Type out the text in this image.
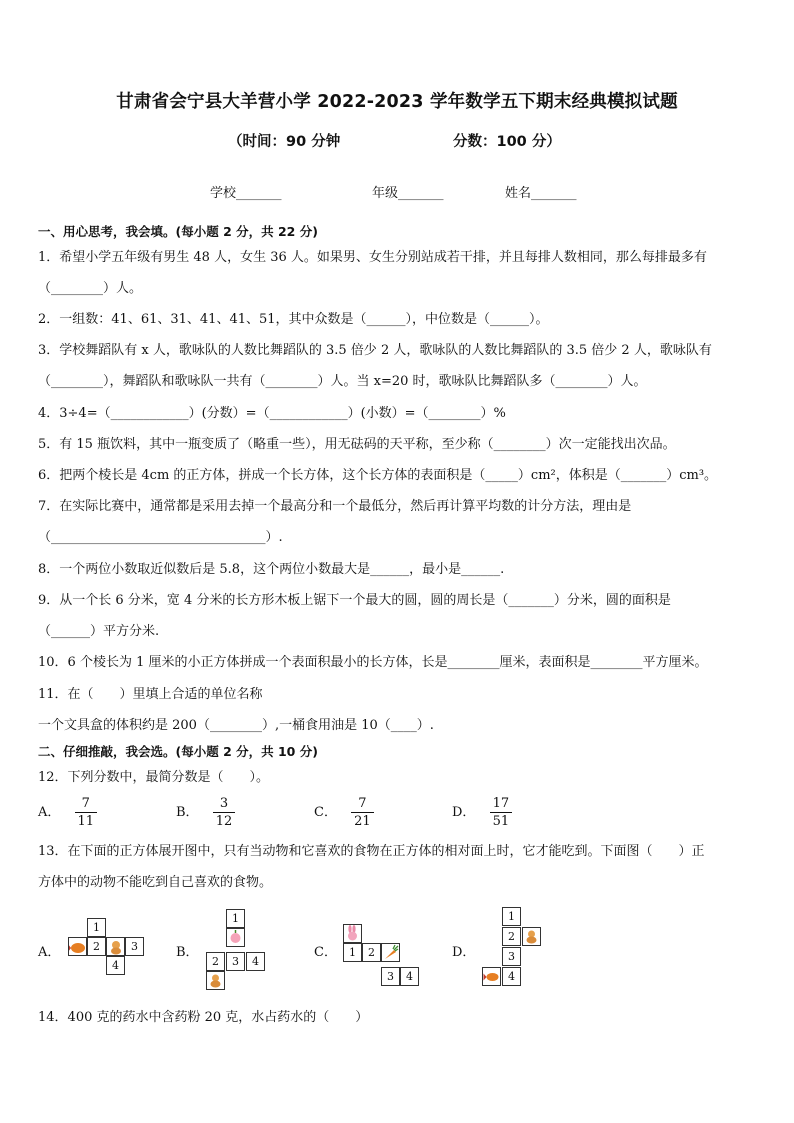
甘肃省会宁县大羊营小学 2022-2023 学年数学五下期末经典模拟试题
（时间：90 分钟	分数：100 分）
学校_______	年级_______	姓名_______
一、用心思考，我会填。(每小题 2 分，共 22 分)
1．希望小学五年级有男生 48 人，女生 36 人。如果男、女生分别站成若干排，并且每排人数相同，那么每排最多有
（________）人。
2．一组数：41、61、31、41、41、51，其中众数是（______），中位数是（______）。
3．学校舞蹈队有 x 人，歌咏队的人数比舞蹈队的 3.5 倍少 2 人，歌咏队的人数比舞蹈队的 3.5 倍少 2 人，歌咏队有
（________），舞蹈队和歌咏队一共有（________）人。当 x=20 时，歌咏队比舞蹈队多（________）人。
4．3÷4=（____________）(分数）=（____________）(小数）=（________）%
5．有 15 瓶饮料，其中一瓶变质了（略重一些），用无砝码的天平称，至少称（________）次一定能找出次品。
6．把两个棱长是 4cm 的正方体，拼成一个长方体，这个长方体的表面积是（_____）cm²，体积是（_______）cm³。
7．在实际比赛中，通常都是采用去掉一个最高分和一个最低分，然后再计算平均数的计分方法，理由是
（_________________________________）.
8．一个两位小数取近似数后是 5.8，这个两位小数最大是______，最小是______.
9．从一个长 6 分米，宽 4 分米的长方形木板上锯下一个最大的圆，圆的周长是（_______）分米，圆的面积是
（______）平方分米.
10．6 个棱长为 1 厘米的小正方体拼成一个表面积最小的长方体，长是________厘米，表面积是________平方厘米。
11．在（　　）里填上合适的单位名称
一个文具盒的体积约是 200（________）,一桶食用油是 10（____）.
二、仔细推敲，我会选。(每小题 2 分，共 10 分)
12．下列分数中，最简分数是（　　）。
A． $\frac{7}{11}$	B． $\frac{3}{12}$	C． $\frac{7}{21}$	D． $\frac{17}{51}$
13．在下面的正方体展开图中，只有当动物和它喜欢的食物在正方体的相对面上时，它才能吃到。下面图（　　）正
方体中的动物不能吃到自己喜欢的食物。
A．
1
2	3
4
B．
1
2	3	4
C．	1	2
3	4
D．
1
2
3
4
14．400 克的药水中含药粉 20 克，水占药水的（　　）
